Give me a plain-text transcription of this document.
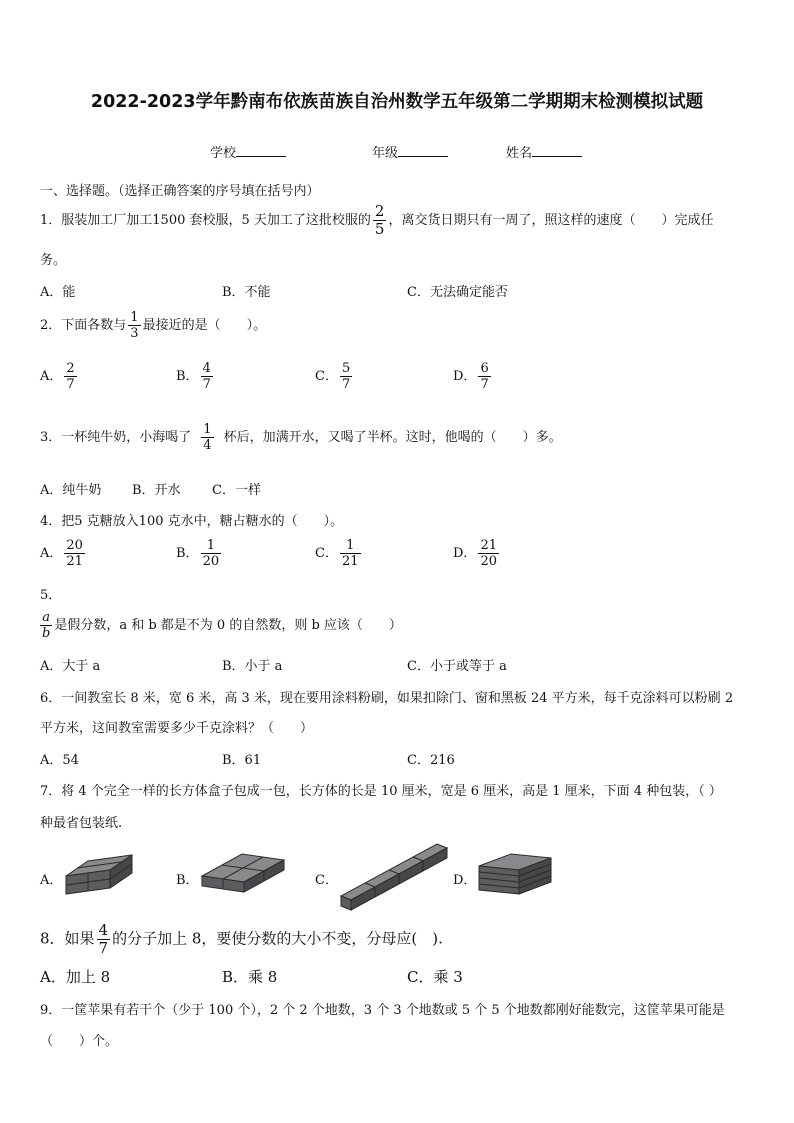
2022-2023学年黔南布依族苗族自治州数学五年级第二学期期末检测模拟试题
学校	年级	姓名
一、选择题。（选择正确答案的序号填在括号内）
1．服装加工厂加工1500 套校服，5 天加工了这批校服的 $\frac{2}{5}$ ，离交货日期只有一周了，照这样的速度（　　）完成任
务。
A．能	B．不能	C．无法确定能否
2．下面各数与 $\frac{1}{3}$ 最接近的是（　　）。
A． $\frac{2}{7}$	B． $\frac{4}{7}$	C． $\frac{5}{7}$	D． $\frac{6}{7}$
3．一杯纯牛奶，小海喝了 $\frac{1}{4}$ 杯后，加满开水，又喝了半杯。这时，他喝的（　　）多。
A．纯牛奶 B．开水 C．一样
4．把5 克糖放入100 克水中，糖占糖水的（　　）。
A． $\frac{20}{21}$	B． $\frac{1}{20}$	C． $\frac{1}{21}$	D． $\frac{21}{20}$
5．
$\frac{a}{b}$ 是假分数，a 和 b 都是不为 0 的自然数，则 b 应该（　　）
A．大于 a	B．小于 a	C．小于或等于 a
6．一间教室长 8 米，宽 6 米，高 3 米，现在要用涂料粉刷，如果扣除门、窗和黑板 24 平方米，每千克涂料可以粉刷 2
平方米，这间教室需要多少千克涂料？（　　）
A．54	B．61	C．216
7．将 4 个完全一样的长方体盒子包成一包，长方体的长是 10 厘米，宽是 6 厘米，高是 1 厘米，下面 4 种包装，（ ）
种最省包装纸.
A．	B．	C．	D．
8．如果 $\frac{4}{7}$ 的分子加上 8，要使分数的大小不变，分母应(　).
A．加上 8	B．乘 8	C．乘 3
9．一筐苹果有若干个（少于 100 个），2 个 2 个地数，3 个 3 个地数或 5 个 5 个地数都刚好能数完，这筐苹果可能是
（　　）个。
